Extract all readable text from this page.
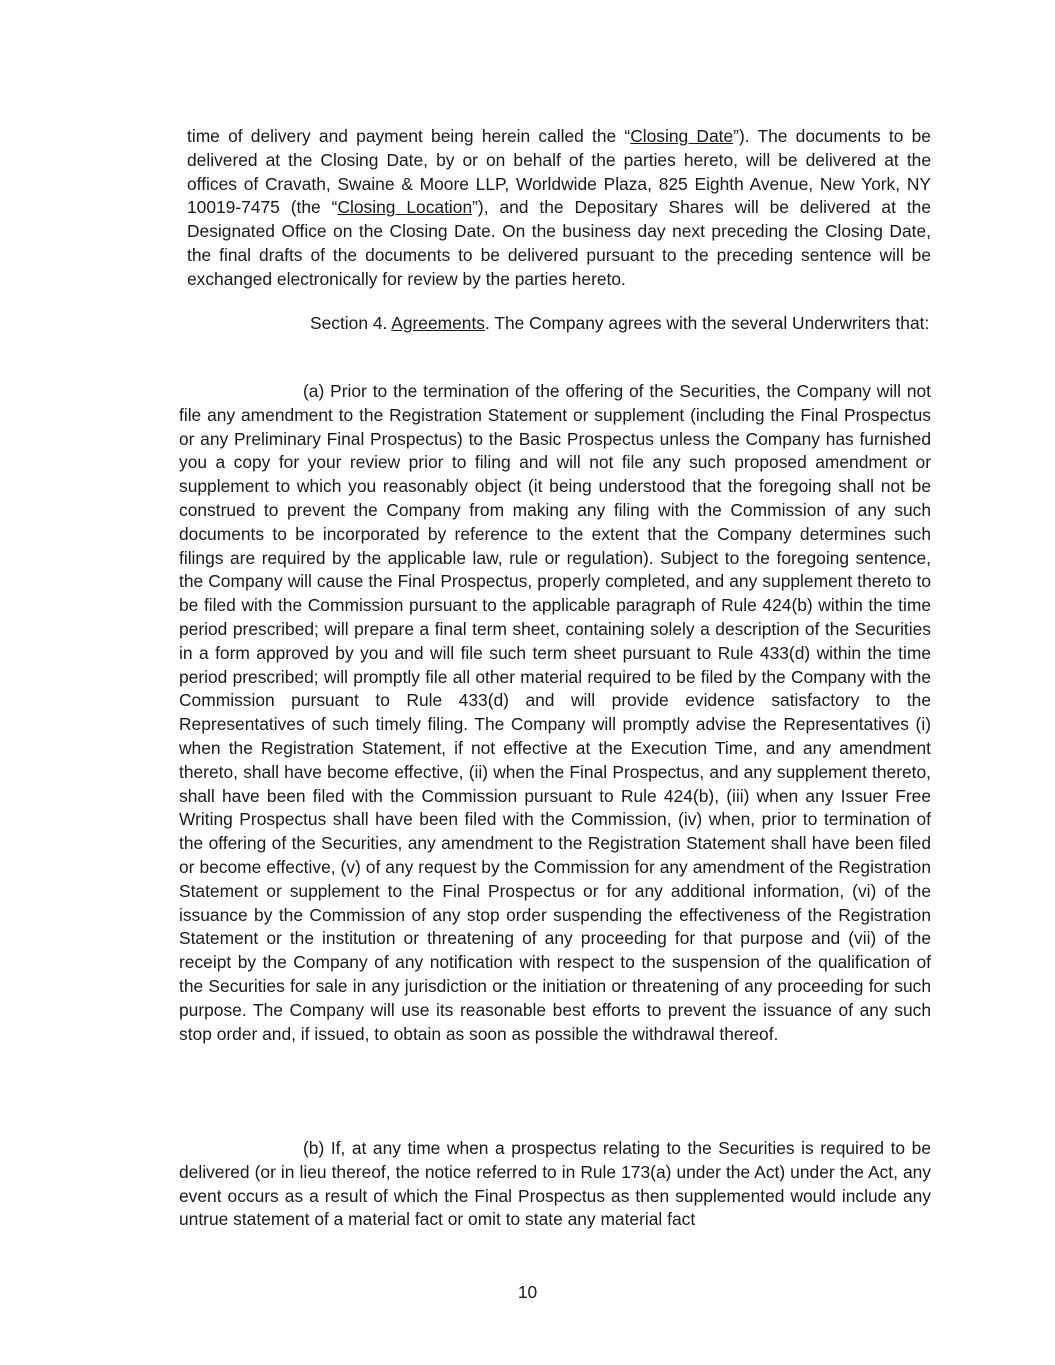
time of delivery and payment being herein called the “Closing Date”). The documents to be delivered at the Closing Date, by or on behalf of the parties hereto, will be delivered at the offices of Cravath, Swaine & Moore LLP, Worldwide Plaza, 825 Eighth Avenue, New York, NY 10019-7475 (the “Closing Location”), and the Depositary Shares will be delivered at the Designated Office on the Closing Date. On the business day next preceding the Closing Date, the final drafts of the documents to be delivered pursuant to the preceding sentence will be exchanged electronically for review by the parties hereto.

Section 4. Agreements. The Company agrees with the several Underwriters that:

(a) Prior to the termination of the offering of the Securities, the Company will not file any amendment to the Registration Statement or supplement (including the Final Prospectus or any Preliminary Final Prospectus) to the Basic Prospectus unless the Company has furnished you a copy for your review prior to filing and will not file any such proposed amendment or supplement to which you reasonably object (it being understood that the foregoing shall not be construed to prevent the Company from making any filing with the Commission of any such documents to be incorporated by reference to the extent that the Company determines such filings are required by the applicable law, rule or regulation). Subject to the foregoing sentence, the Company will cause the Final Prospectus, properly completed, and any supplement thereto to be filed with the Commission pursuant to the applicable paragraph of Rule 424(b) within the time period prescribed; will prepare a final term sheet, containing solely a description of the Securities in a form approved by you and will file such term sheet pursuant to Rule 433(d) within the time period prescribed; will promptly file all other material required to be filed by the Company with the Commission pursuant to Rule 433(d) and will provide evidence satisfactory to the Representatives of such timely filing. The Company will promptly advise the Representatives (i) when the Registration Statement, if not effective at the Execution Time, and any amendment thereto, shall have become effective, (ii) when the Final Prospectus, and any supplement thereto, shall have been filed with the Commission pursuant to Rule 424(b), (iii) when any Issuer Free Writing Prospectus shall have been filed with the Commission, (iv) when, prior to termination of the offering of the Securities, any amendment to the Registration Statement shall have been filed or become effective, (v) of any request by the Commission for any amendment of the Registration Statement or supplement to the Final Prospectus or for any additional information, (vi) of the issuance by the Commission of any stop order suspending the effectiveness of the Registration Statement or the institution or threatening of any proceeding for that purpose and (vii) of the receipt by the Company of any notification with respect to the suspension of the qualification of the Securities for sale in any jurisdiction or the initiation or threatening of any proceeding for such purpose. The Company will use its reasonable best efforts to prevent the issuance of any such stop order and, if issued, to obtain as soon as possible the withdrawal thereof.

(b) If, at any time when a prospectus relating to the Securities is required to be delivered (or in lieu thereof, the notice referred to in Rule 173(a) under the Act) under the Act, any event occurs as a result of which the Final Prospectus as then supplemented would include any untrue statement of a material fact or omit to state any material fact

10
